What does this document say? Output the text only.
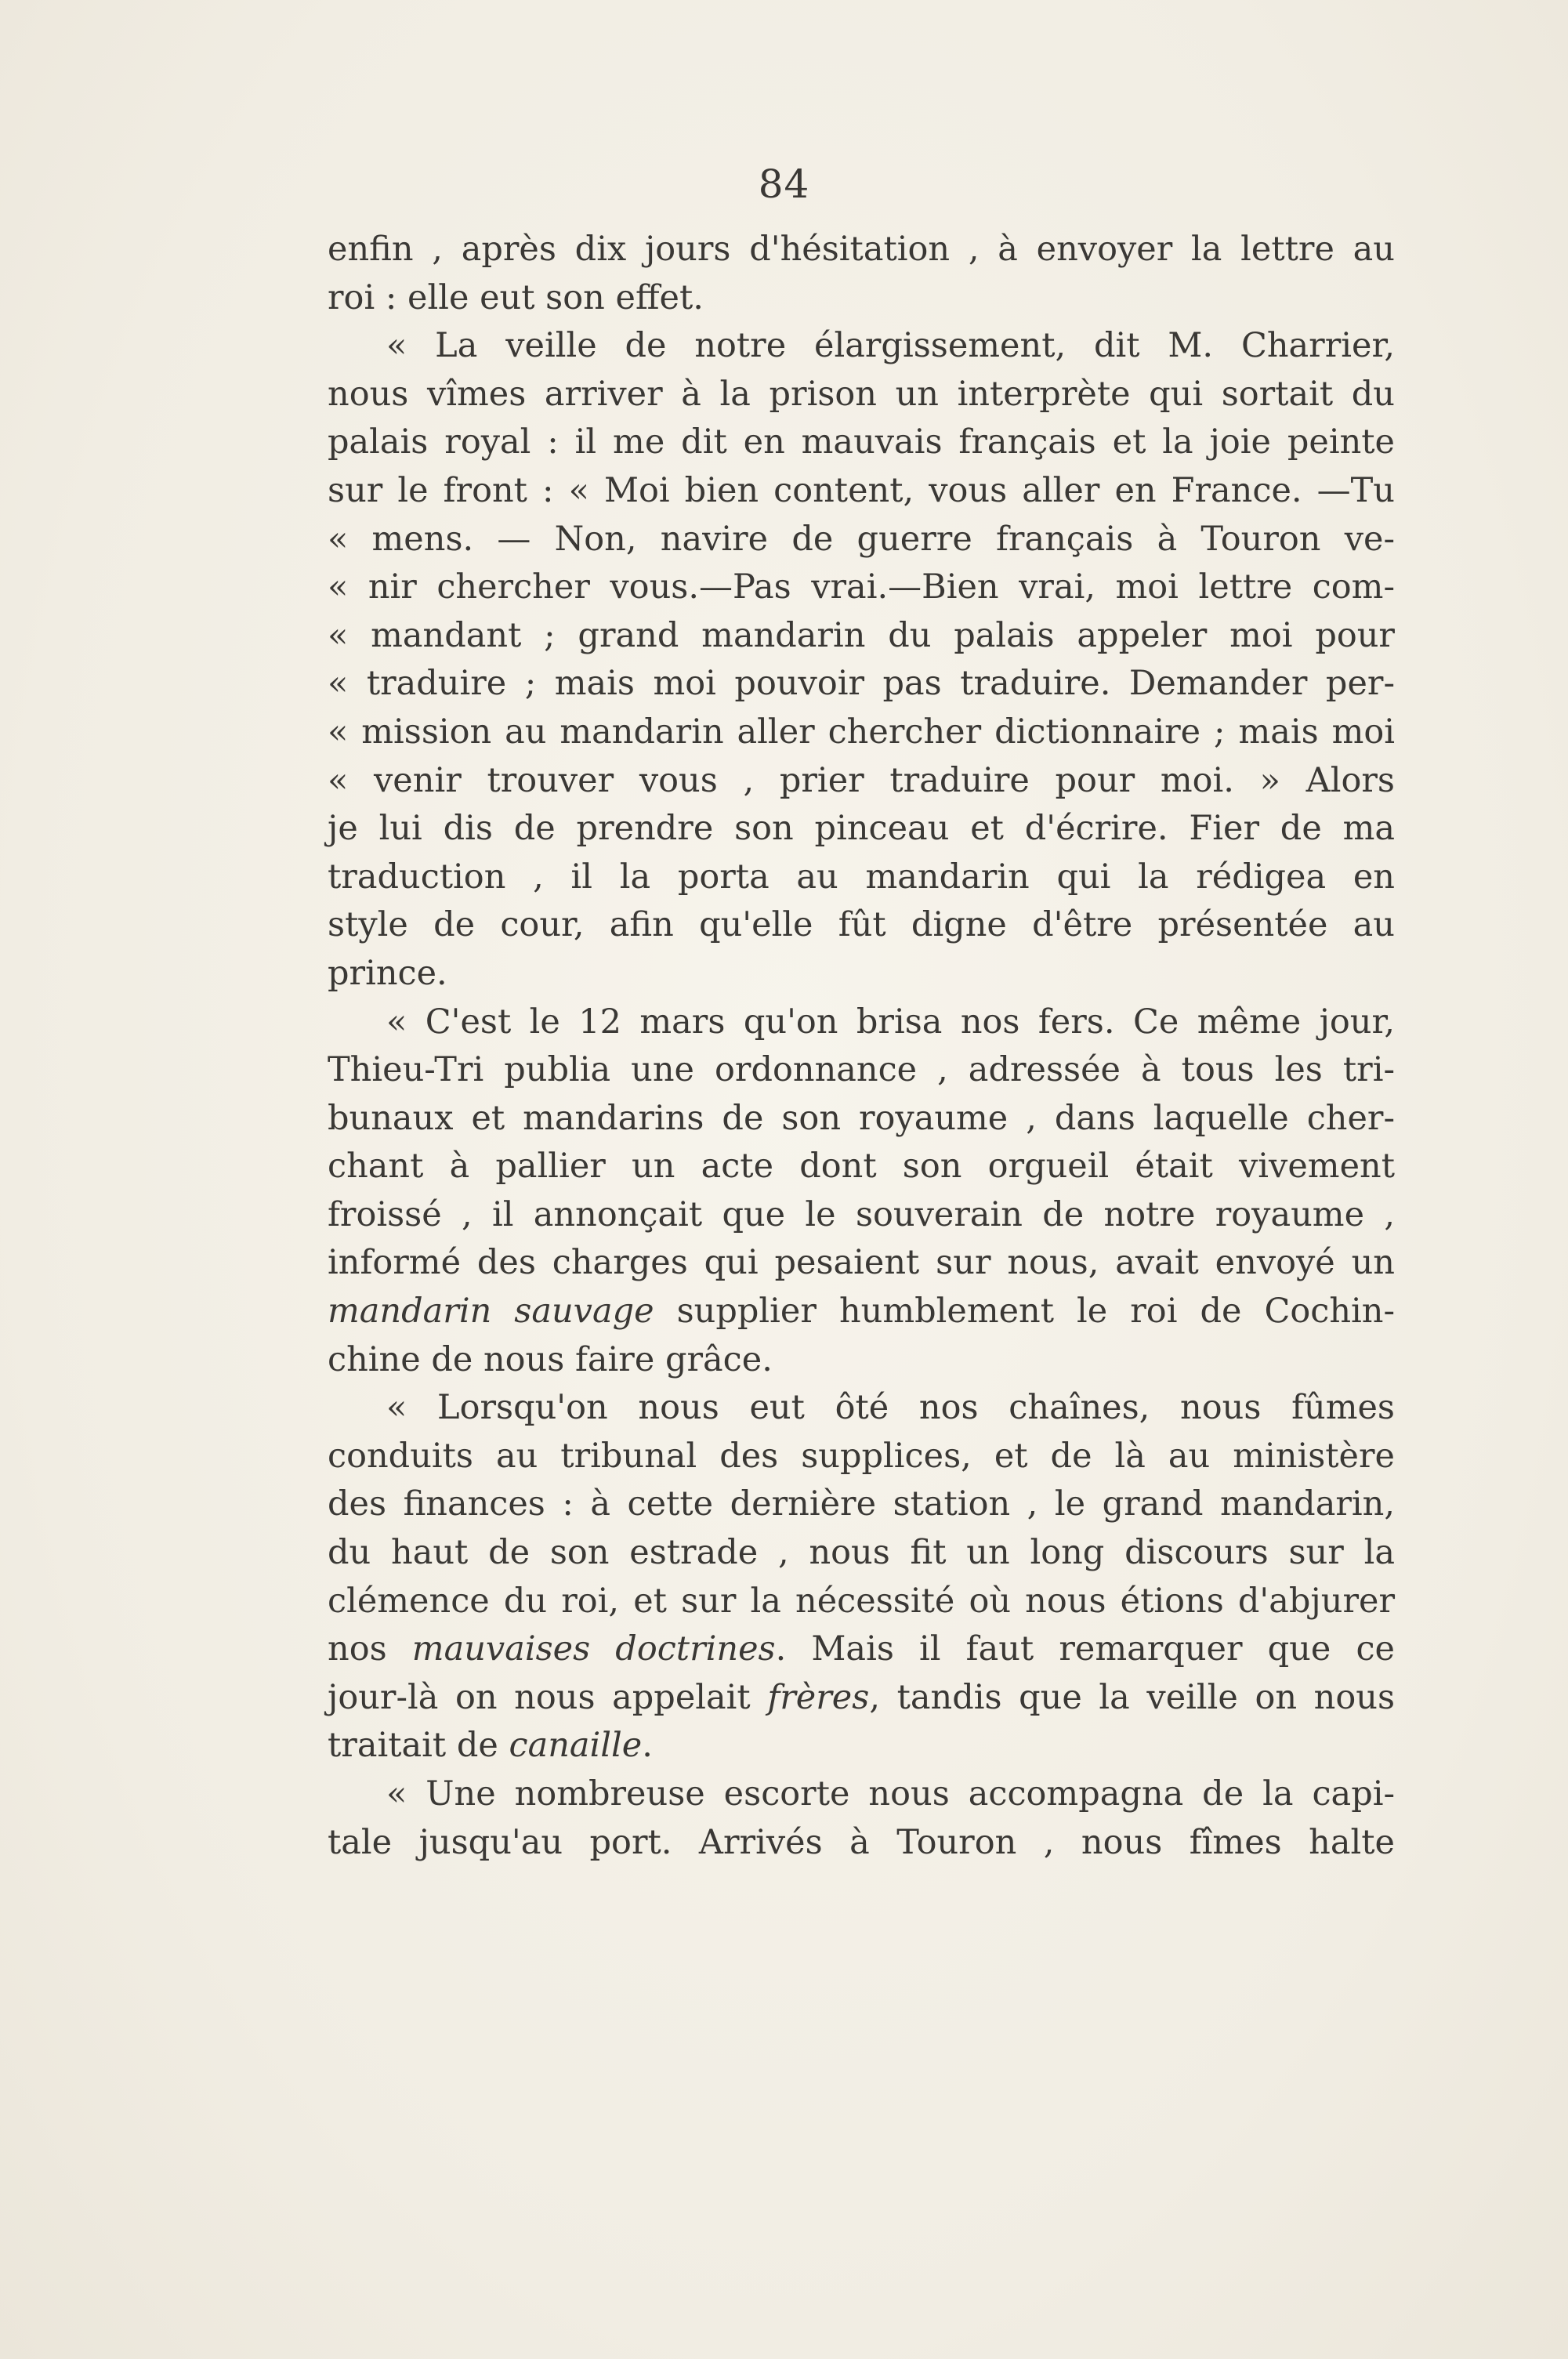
84
enfin , après dix jours d'hésitation , à envoyer la lettre au
roi : elle eut son effet.
« La veille de notre élargissement, dit M. Charrier,
nous vîmes arriver à la prison un interprète qui sortait du
palais royal : il me dit en mauvais français et la joie peinte
sur le front : « Moi bien content, vous aller en France. —Tu
« mens. — Non, navire de guerre français à Touron ve-
« nir chercher vous.—Pas vrai.—Bien vrai, moi lettre com-
« mandant ; grand mandarin du palais appeler moi pour
« traduire ; mais moi pouvoir pas traduire. Demander per-
« mission au mandarin aller chercher dictionnaire ; mais moi
« venir trouver vous , prier traduire pour moi. » Alors
je lui dis de prendre son pinceau et d'écrire. Fier de ma
traduction , il la porta au mandarin qui la rédigea en
style de cour, afin qu'elle fût digne d'être présentée au
prince.
« C'est le 12 mars qu'on brisa nos fers. Ce même jour,
Thieu-Tri publia une ordonnance , adressée à tous les tri-
bunaux et mandarins de son royaume , dans laquelle cher-
chant à pallier un acte dont son orgueil était vivement
froissé , il annonçait que le souverain de notre royaume ,
informé des charges qui pesaient sur nous, avait envoyé un
mandarin sauvage supplier humblement le roi de Cochin-
chine de nous faire grâce.
« Lorsqu'on nous eut ôté nos chaînes, nous fûmes
conduits au tribunal des supplices, et de là au ministère
des finances : à cette dernière station , le grand mandarin,
du haut de son estrade , nous fit un long discours sur la
clémence du roi, et sur la nécessité où nous étions d'abjurer
nos mauvaises doctrines. Mais il faut remarquer que ce
jour-là on nous appelait frères, tandis que la veille on nous
traitait de canaille.
« Une nombreuse escorte nous accompagna de la capi-
tale jusqu'au port. Arrivés à Touron , nous fîmes halte
